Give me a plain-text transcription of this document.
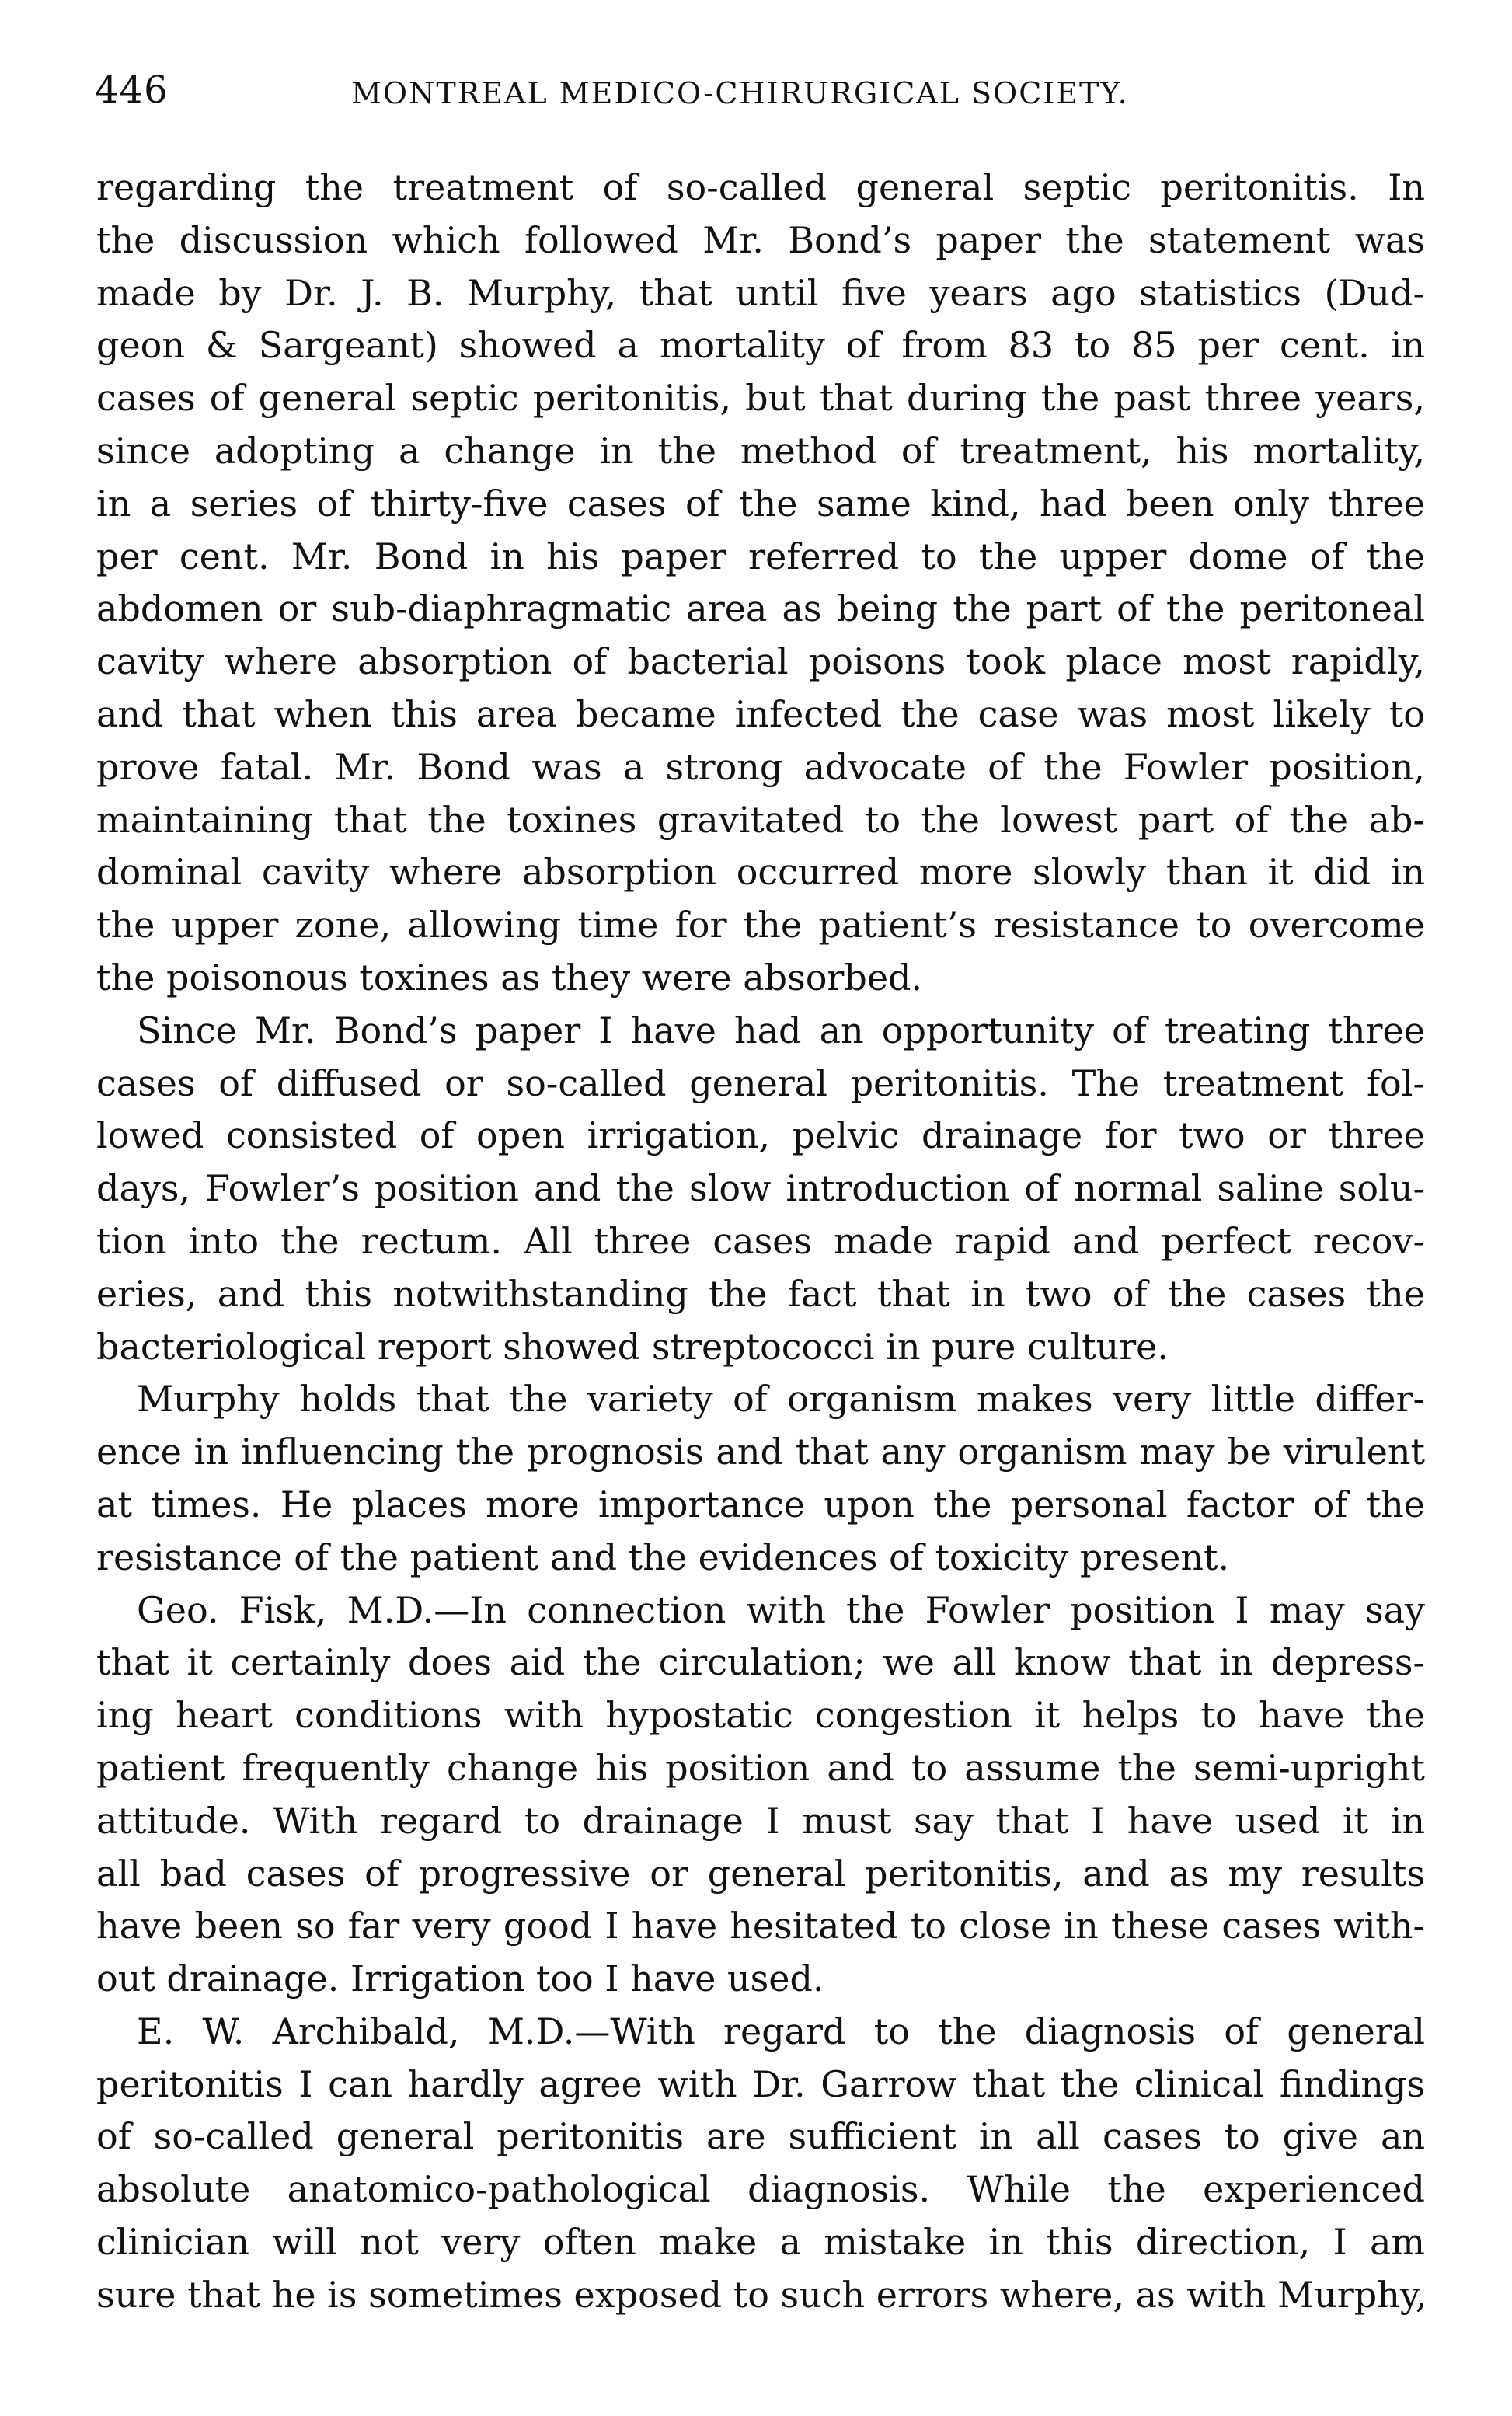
446	MONTREAL MEDICO-CHIRURGICAL SOCIETY.
regarding the treatment of so-called general septic peritonitis. In
the discussion which followed Mr. Bond’s paper the statement was
made by Dr. J. B. Murphy, that until five years ago statistics (Dud-
geon & Sargeant) showed a mortality of from 83 to 85 per cent. in
cases of general septic peritonitis, but that during the past three years,
since adopting a change in the method of treatment, his mortality,
in a series of thirty-five cases of the same kind, had been only three
per cent. Mr. Bond in his paper referred to the upper dome of the
abdomen or sub-diaphragmatic area as being the part of the peritoneal
cavity where absorption of bacterial poisons took place most rapidly,
and that when this area became infected the case was most likely to
prove fatal. Mr. Bond was a strong advocate of the Fowler position,
maintaining that the toxines gravitated to the lowest part of the ab-
dominal cavity where absorption occurred more slowly than it did in
the upper zone, allowing time for the patient’s resistance to overcome
the poisonous toxines as they were absorbed.
Since Mr. Bond’s paper I have had an opportunity of treating three
cases of diffused or so-called general peritonitis. The treatment fol-
lowed consisted of open irrigation, pelvic drainage for two or three
days, Fowler’s position and the slow introduction of normal saline solu-
tion into the rectum. All three cases made rapid and perfect recov-
eries, and this notwithstanding the fact that in two of the cases the
bacteriological report showed streptococci in pure culture.
Murphy holds that the variety of organism makes very little differ-
ence in influencing the prognosis and that any organism may be virulent
at times. He places more importance upon the personal factor of the
resistance of the patient and the evidences of toxicity present.
Geo. Fisk, M.D.—In connection with the Fowler position I may say
that it certainly does aid the circulation; we all know that in depress-
ing heart conditions with hypostatic congestion it helps to have the
patient frequently change his position and to assume the semi-upright
attitude. With regard to drainage I must say that I have used it in
all bad cases of progressive or general peritonitis, and as my results
have been so far very good I have hesitated to close in these cases with-
out drainage. Irrigation too I have used.
E. W. Archibald, M.D.—With regard to the diagnosis of general
peritonitis I can hardly agree with Dr. Garrow that the clinical findings
of so-called general peritonitis are sufficient in all cases to give an
absolute anatomico-pathological diagnosis. While the experienced
clinician will not very often make a mistake in this direction, I am
sure that he is sometimes exposed to such errors where, as with Murphy,
